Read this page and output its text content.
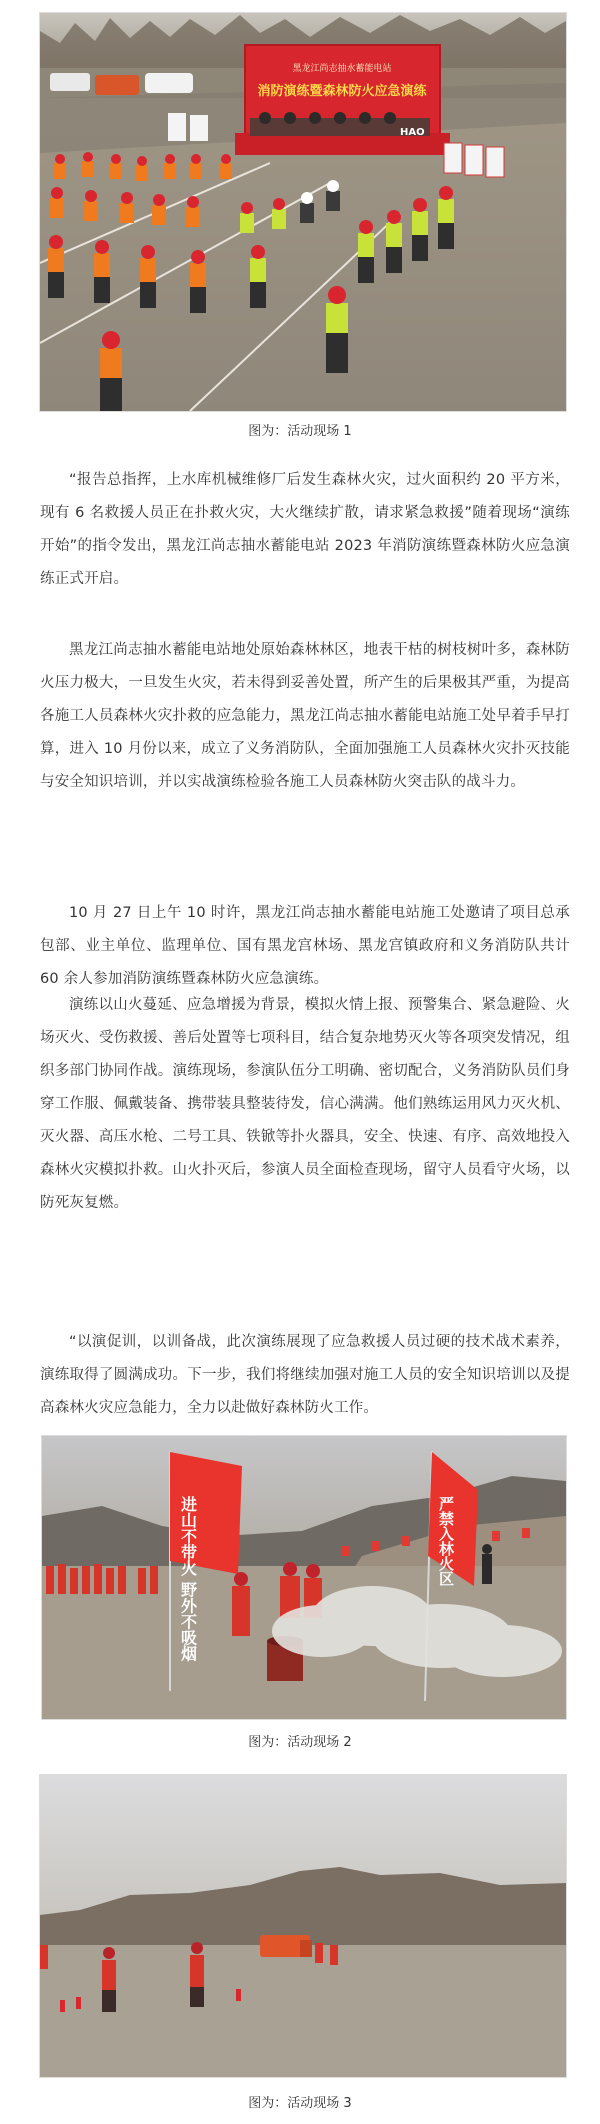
黑龙江尚志抽水蓄能电站
消防演练暨森林防火应急演练
HAO
图为：活动现场 1

“报告总指挥，上水库机械维修厂后发生森林火灾，过火面积约 20 平方米，现有 6 名救援人员正在扑救火灾，大火继续扩散，请求紧急救援”随着现场“演练开始”的指令发出，黑龙江尚志抽水蓄能电站 2023 年消防演练暨森林防火应急演练正式开启。

黑龙江尚志抽水蓄能电站地处原始森林林区，地表干枯的树枝树叶多，森林防火压力极大，一旦发生火灾，若未得到妥善处置，所产生的后果极其严重，为提高各施工人员森林火灾扑救的应急能力，黑龙江尚志抽水蓄能电站施工处早着手早打算，进入 10 月份以来，成立了义务消防队，全面加强施工人员森林火灾扑灭技能与安全知识培训，并以实战演练检验各施工人员森林防火突击队的战斗力。

10 月 27 日上午 10 时许，黑龙江尚志抽水蓄能电站施工处邀请了项目总承包部、业主单位、监理单位、国有黑龙宫林场、黑龙宫镇政府和义务消防队共计 60 余人参加消防演练暨森林防火应急演练。

演练以山火蔓延、应急增援为背景，模拟火情上报、预警集合、紧急避险、火场灭火、受伤救援、善后处置等七项科目，结合复杂地势灭火等各项突发情况，组织多部门协同作战。演练现场，参演队伍分工明确、密切配合，义务消防队员们身穿工作服、佩戴装备、携带装具整装待发，信心满满。他们熟练运用风力灭火机、灭火器、高压水枪、二号工具、铁锨等扑火器具，安全、快速、有序、高效地投入森林火灾模拟扑救。山火扑灭后，参演人员全面检查现场，留守人员看守火场，以防死灰复燃。

“以演促训，以训备战，此次演练展现了应急救援人员过硬的技术战术素养，演练取得了圆满成功。下一步，我们将继续加强对施工人员的安全知识培训以及提高森林火灾应急能力，全力以赴做好森林防火工作。

进山不带火 野外不吸烟	严禁入林火区
图为：活动现场 2
图为：活动现场 3
